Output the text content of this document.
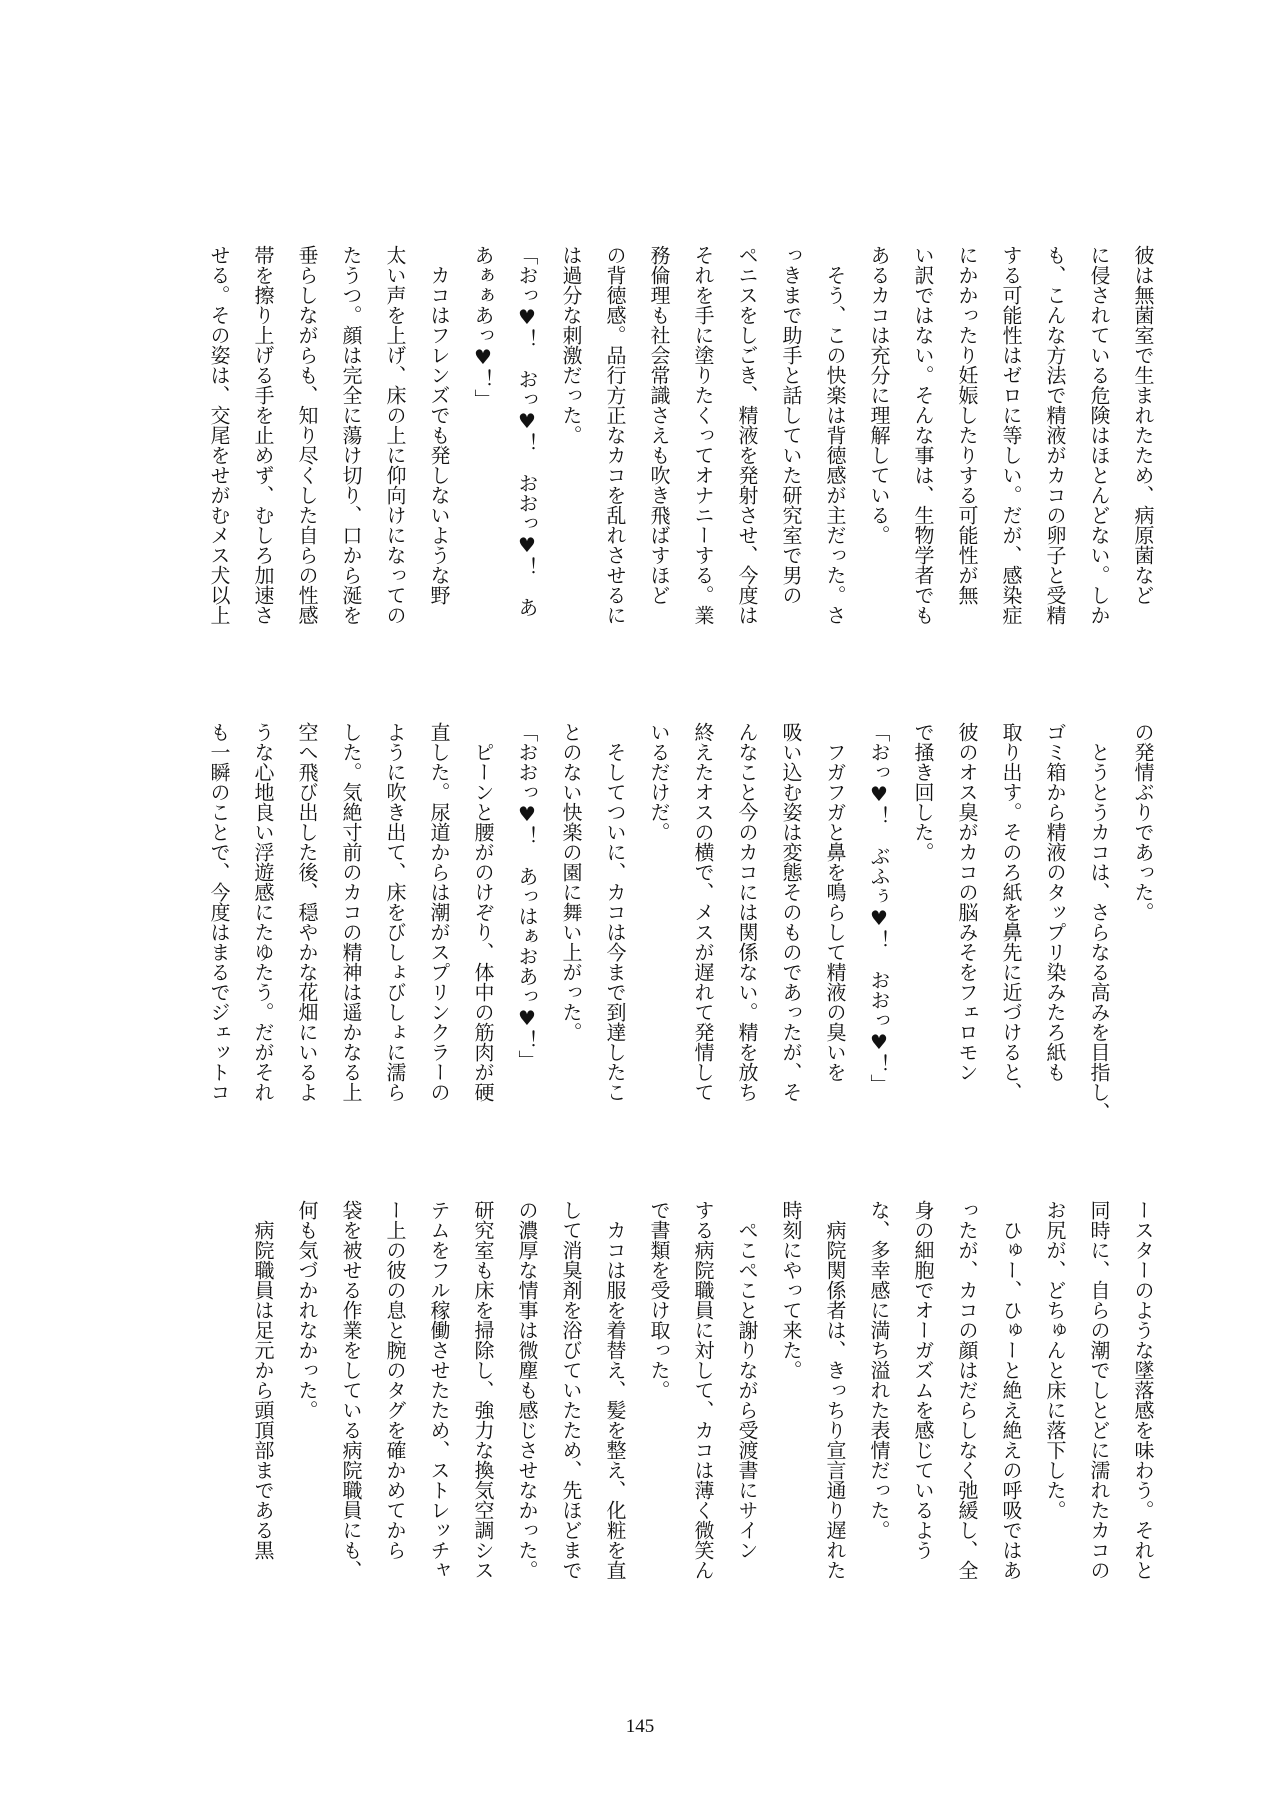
彼は無菌室で生まれたため、病原菌など
に侵されている危険はほとんどない。しか
も、こんな方法で精液がカコの卵子と受精
する可能性はゼロに等しい。だが、感染症
にかかったり妊娠したりする可能性が無
い訳ではない。そんな事は、生物学者でも
あるカコは充分に理解している。
　そう、この快楽は背徳感が主だった。さ
っきまで助手と話していた研究室で男の
ペニスをしごき、精液を発射させ、今度は
それを手に塗りたくってオナニーする。業
務倫理も社会常識さえも吹き飛ばすほど
の背徳感。品行方正なカコを乱れさせるに
は過分な刺激だった。
「おっ♥！　おっ♥！　おおっ♥！　あ
あぁぁあっ♥！」
　カコはフレンズでも発しないような野
太い声を上げ、床の上に仰向けになっての
たうつ。顔は完全に蕩け切り、口から涎を
垂らしながらも、知り尽くした自らの性感
帯を擦り上げる手を止めず、むしろ加速さ
せる。その姿は、交尾をせがむメス犬以上
の発情ぶりであった。
　とうとうカコは、さらなる高みを目指し、
ゴミ箱から精液のタップリ染みたろ紙も
取り出す。そのろ紙を鼻先に近づけると、
彼のオス臭がカコの脳みそをフェロモン
で掻き回した。
「おっ♥！　ぶふぅ♥！　おおっ♥！」
　フガフガと鼻を鳴らして精液の臭いを
吸い込む姿は変態そのものであったが、そ
んなこと今のカコには関係ない。精を放ち
終えたオスの横で、メスが遅れて発情して
いるだけだ。
　そしてついに、カコは今まで到達したこ
とのない快楽の園に舞い上がった。
「おおっ♥！　あっはぁおあっ♥！」
　ピーンと腰がのけぞり、体中の筋肉が硬
直した。尿道からは潮がスプリンクラーの
ように吹き出て、床をびしょびしょに濡ら
した。気絶寸前のカコの精神は遥かなる上
空へ飛び出した後、穏やかな花畑にいるよ
うな心地良い浮遊感にたゆたう。だがそれ
も一瞬のことで、今度はまるでジェットコ
ースターのような墜落感を味わう。それと
同時に、自らの潮でしとどに濡れたカコの
お尻が、どちゅんと床に落下した。
　ひゅー、ひゅーと絶え絶えの呼吸ではあ
ったが、カコの顔はだらしなく弛緩し、全
身の細胞でオーガズムを感じているよう
な、多幸感に満ち溢れた表情だった。
　病院関係者は、きっちり宣言通り遅れた
時刻にやって来た。
　ぺこぺこと謝りながら受渡書にサイン
する病院職員に対して、カコは薄く微笑ん
で書類を受け取った。
　カコは服を着替え、髪を整え、化粧を直
して消臭剤を浴びていたため、先ほどまで
の濃厚な情事は微塵も感じさせなかった。
研究室も床を掃除し、強力な換気空調シス
テムをフル稼働させたため、ストレッチャ
ー上の彼の息と腕のタグを確かめてから
袋を被せる作業をしている病院職員にも、
何も気づかれなかった。
　病院職員は足元から頭頂部まである黒
145
